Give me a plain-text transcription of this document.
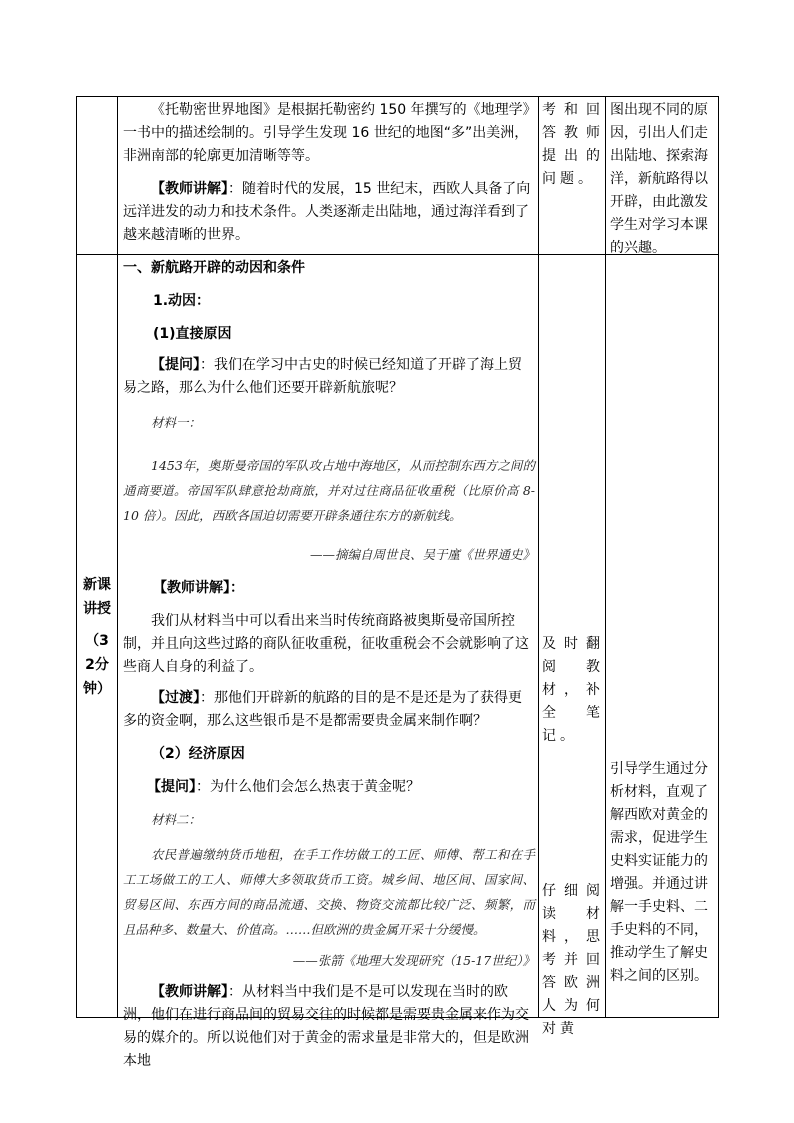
《托勒密世界地图》是根据托勒密约 150 年撰写的《地理学》一书中的描述绘制的。引导学生发现 16 世纪的地图“多”出美洲，非洲南部的轮廓更加清晰等等。

【教师讲解】：随着时代的发展，15 世纪末，西欧人具备了向远洋进发的动力和技术条件。人类逐渐走出陆地，通过海洋看到了越来越清晰的世界。

考和回答教师提出的问题。
图出现不同的原因，引出人们走出陆地、探索海洋，新航路得以开辟，由此激发学生对学习本课的兴趣。
新课讲授
（32分钟）

一、新航路开辟的动因和条件

1.动因：

(1)直接原因

【提问】：我们在学习中古史的时候已经知道了开辟了海上贸易之路，那么为什么他们还要开辟新航旅呢？

材料一：

1453年，奥斯曼帝国的军队攻占地中海地区，从而控制东西方之间的通商要道。帝国军队肆意抢劫商旅，并对过往商品征收重税（比原价高 8-10 倍）。因此，西欧各国迫切需要开辟条通往东方的新航线。

——摘编自周世良、吴于廑《世界通史》

【教师讲解】：

我们从材料当中可以看出来当时传统商路被奥斯曼帝国所控制，并且向这些过路的商队征收重税，征收重税会不会就影响了这些商人自身的利益了。

【过渡】：那他们开辟新的航路的目的是不是还是为了获得更多的资金啊，那么这些银币是不是都需要贵金属来制作啊？

（2）经济原因

【提问】：为什么他们会怎么热衷于黄金呢？

材料二：

农民普遍缴纳货币地租，在手工作坊做工的工匠、师傅、帮工和在手工工场做工的工人、师傅大多领取货币工资。城乡间、地区间、国家间、贸易区间、东西方间的商品流通、交换、物资交流都比较广泛、频繁，而且品种多、数量大、价值高。……但欧洲的贵金属开采十分缓慢。

——张箭《地理大发现研究（15-17世纪）》

【教师讲解】：从材料当中我们是不是可以发现在当时的欧洲，他们在进行商品间的贸易交往的时候都是需要贵金属来作为交易的媒介的。所以说他们对于黄金的需求量是非常大的，但是欧洲本地

及时翻阅教材，补全笔记。
仔细阅读材料，思考并回答欧洲人为何对黄
引导学生通过分析材料，直观了解西欧对黄金的需求，促进学生史料实证能力的增强。并通过讲解一手史料、二手史料的不同，推动学生了解史料之间的区别。
